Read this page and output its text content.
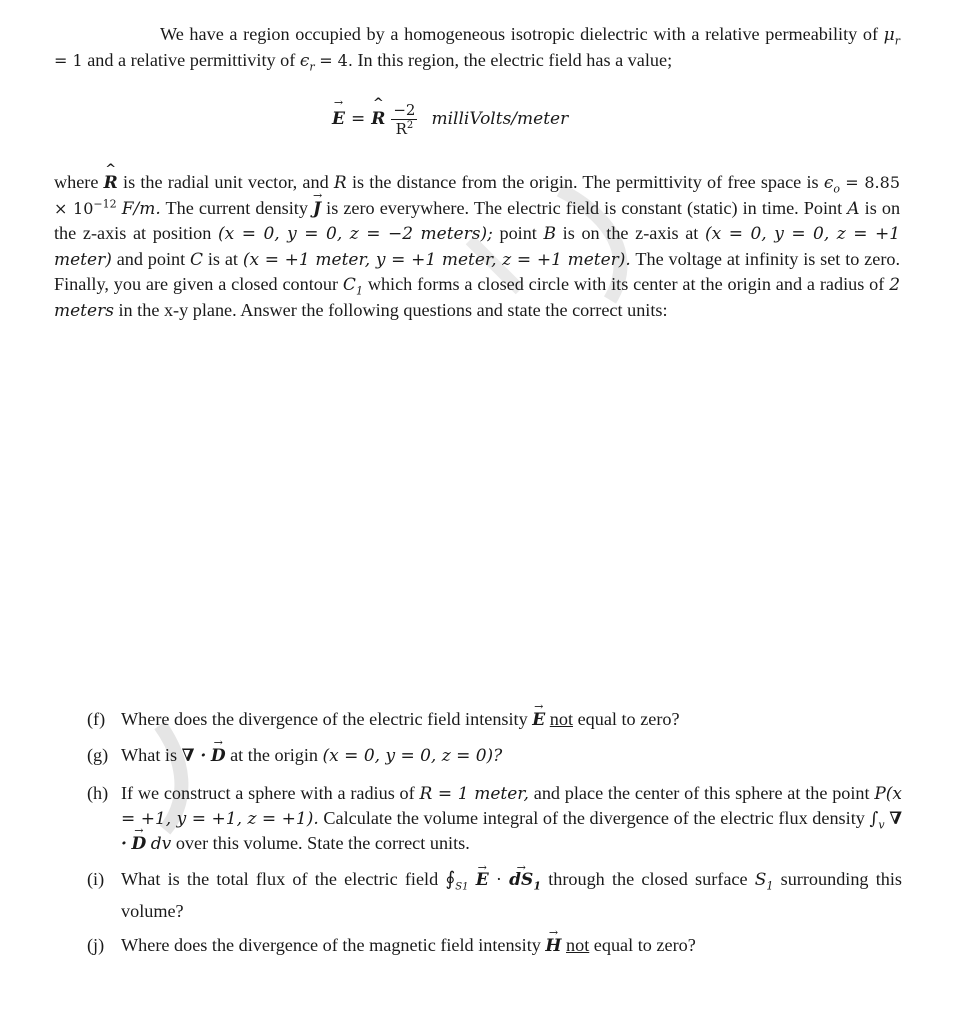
We have a region occupied by a homogeneous isotropic dielectric with a relative permeability of $\mu_r = 1$ and a relative permittivity of $\epsilon_r = 4$. In this region, the electric field has a value;
→ E = ^ R $\frac{-2}{R^2}$ milliVolts/meter
where ^ R is the radial unit vector, and R is the distance from the origin. The permittivity of free space is $\epsilon_o = 8.85 \times 10^{-12}$ F/m. The current density → J is zero everywhere. The electric field is constant (static) in time. Point A is on the z-axis at position (x = 0, y = 0, z = −2 meters); point B is on the z-axis at (x = 0, y = 0, z = +1 meter) and point C is at (x = +1 meter, y = +1 meter, z = +1 meter). The voltage at infinity is set to zero. Finally, you are given a closed contour $C_1$ which forms a closed circle with its center at the origin and a radius of 2 meters in the x-y plane. Answer the following questions and state the correct units:
(f) Where does the divergence of the electric field intensity → E not equal to zero?
(g) What is ∇ · → D at the origin (x = 0, y = 0, z = 0)?
(h) If we construct a sphere with a radius of R = 1 meter, and place the center of this sphere at the point P(x = +1, y = +1, z = +1). Calculate the volume integral of the divergence of the electric flux density $\int_v$ ∇ · → D dv over this volume. State the correct units.
(i) What is the total flux of the electric field $∮_{S1} \to E$ · → $dS_1$ through the closed surface $S_1$ surrounding this volume?
(j) Where does the divergence of the magnetic field intensity → H not equal to zero?
